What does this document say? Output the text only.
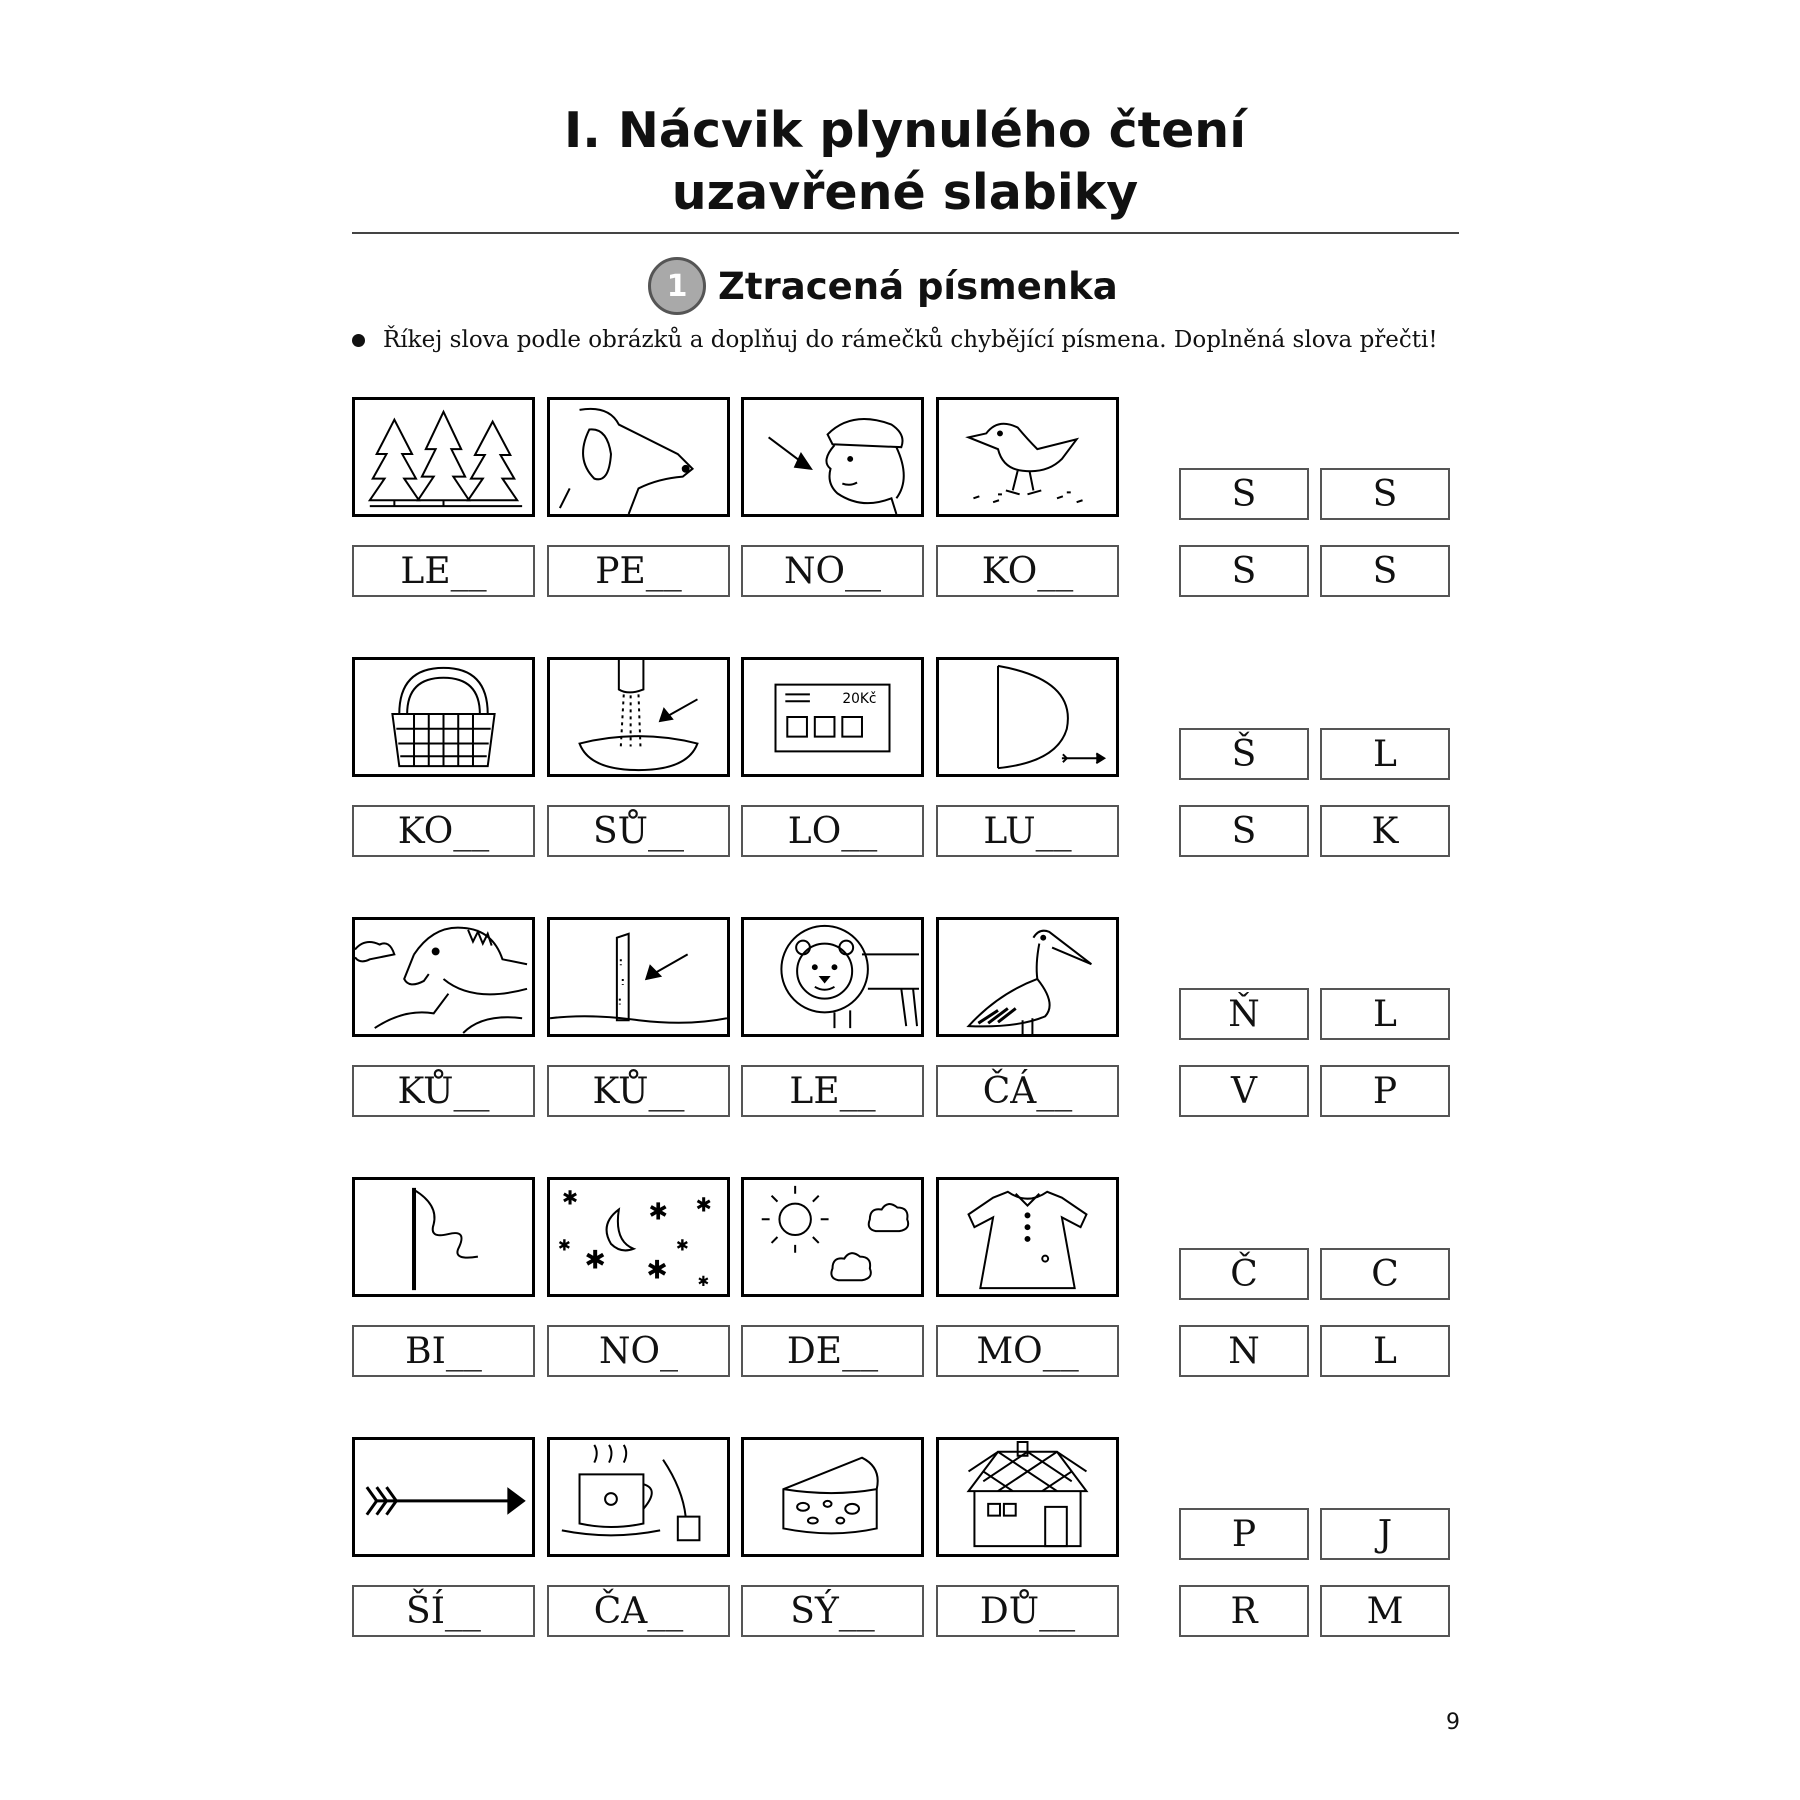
I. Nácvik plynulého čtení
uzavřené slabiky
1 Ztracená písmenka
Říkej slova podle obrázků a doplňuj do rámečků chybějící písmena. Doplněná slova přečti!
LE__	PE__	NO__	KO__
S	S
S	S
20Kč
KO__	SŮ__	LO__	LU__
Š	L
S	K
KŮ__	KŮ__	LE__	ČÁ__
Ň	L
V	P
✱	✱ ✱
✱
✱
✱
✱ ✱
BI__	NO_	DE__	MO__
Č	C
N	L
ŠÍ__	ČA__	SÝ__	DŮ__
P	J
R	M
9
